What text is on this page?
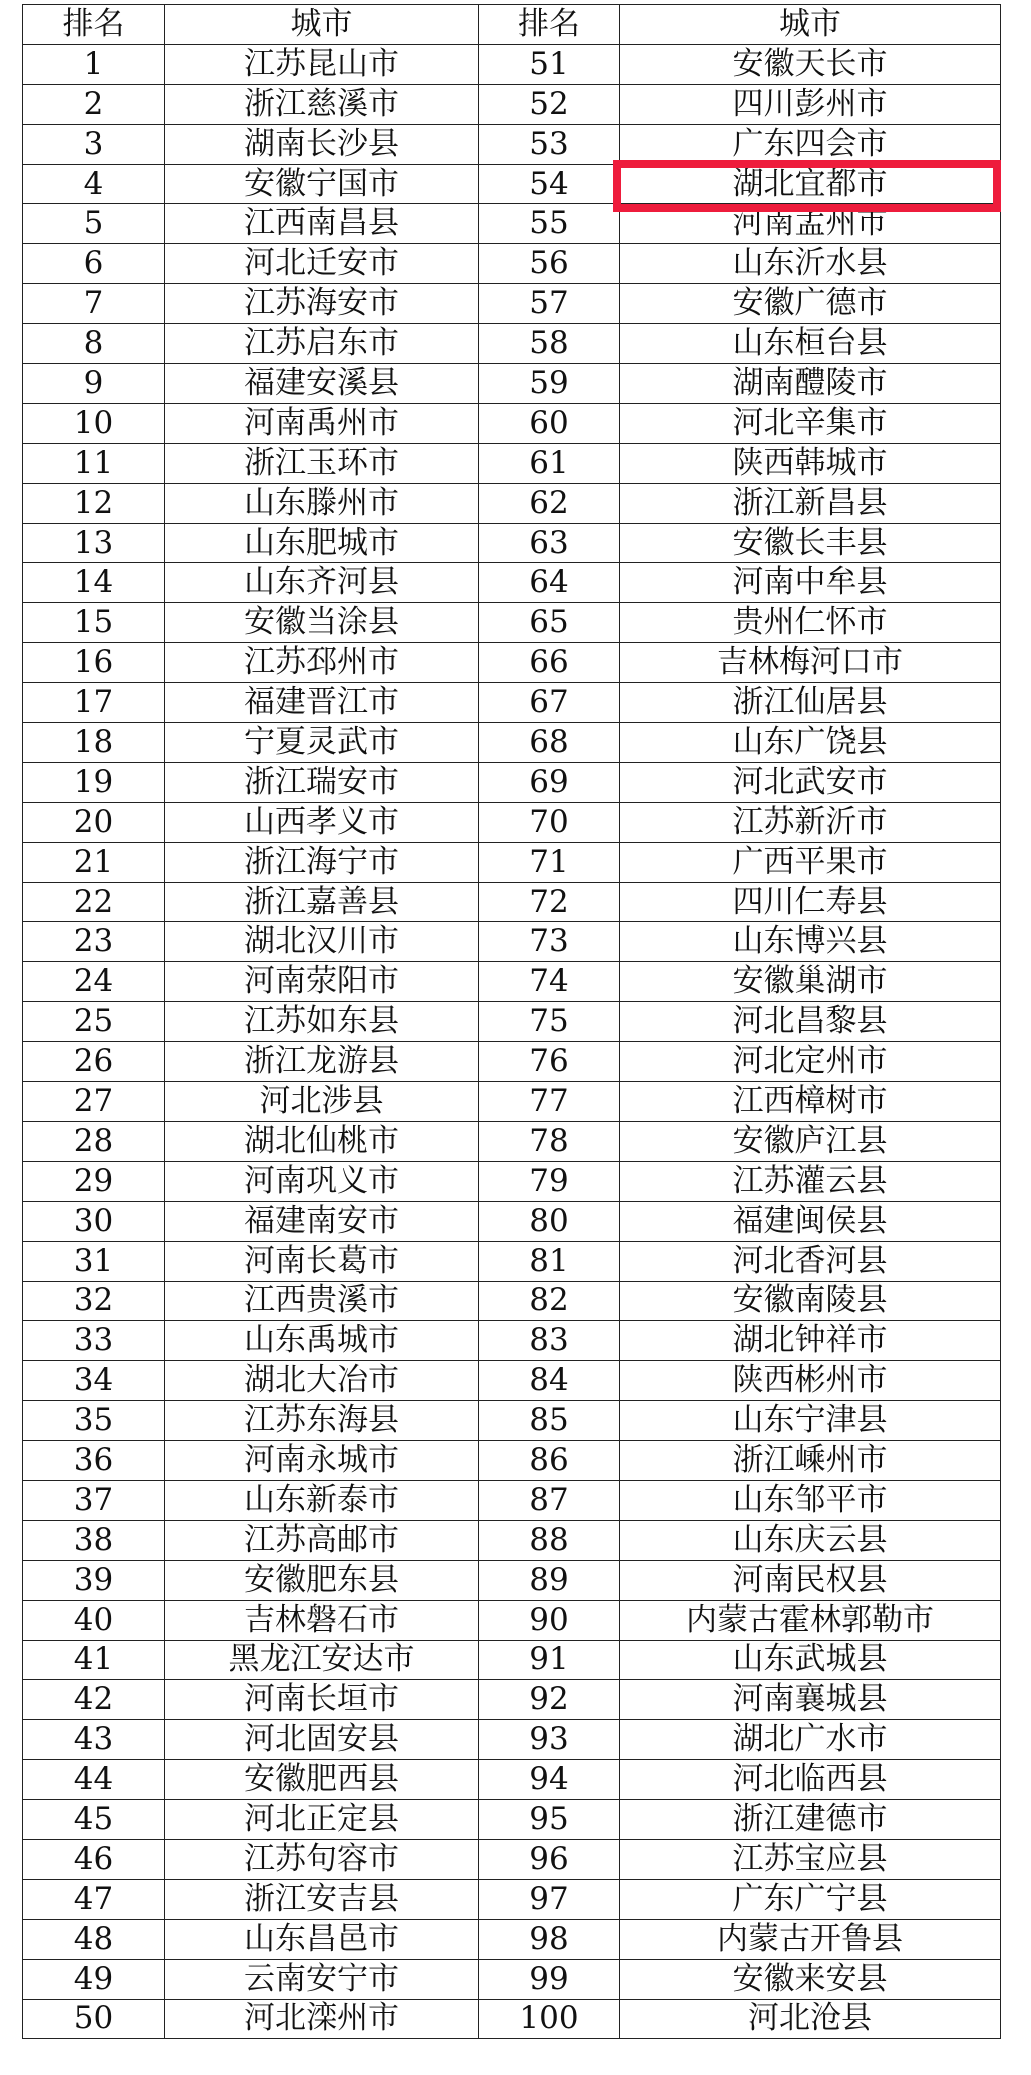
排名	城市	排名	城市
1	江苏昆山市	51	安徽天长市
2	浙江慈溪市	52	四川彭州市
3	湖南长沙县	53	广东四会市
4	安徽宁国市	54	湖北宜都市
5	江西南昌县	55	河南孟州市
6	河北迁安市	56	山东沂水县
7	江苏海安市	57	安徽广德市
8	江苏启东市	58	山东桓台县
9	福建安溪县	59	湖南醴陵市
10	河南禹州市	60	河北辛集市
11	浙江玉环市	61	陕西韩城市
12	山东滕州市	62	浙江新昌县
13	山东肥城市	63	安徽长丰县
14	山东齐河县	64	河南中牟县
15	安徽当涂县	65	贵州仁怀市
16	江苏邳州市	66	吉林梅河口市
17	福建晋江市	67	浙江仙居县
18	宁夏灵武市	68	山东广饶县
19	浙江瑞安市	69	河北武安市
20	山西孝义市	70	江苏新沂市
21	浙江海宁市	71	广西平果市
22	浙江嘉善县	72	四川仁寿县
23	湖北汉川市	73	山东博兴县
24	河南荥阳市	74	安徽巢湖市
25	江苏如东县	75	河北昌黎县
26	浙江龙游县	76	河北定州市
27	河北涉县	77	江西樟树市
28	湖北仙桃市	78	安徽庐江县
29	河南巩义市	79	江苏灌云县
30	福建南安市	80	福建闽侯县
31	河南长葛市	81	河北香河县
32	江西贵溪市	82	安徽南陵县
33	山东禹城市	83	湖北钟祥市
34	湖北大冶市	84	陕西彬州市
35	江苏东海县	85	山东宁津县
36	河南永城市	86	浙江嵊州市
37	山东新泰市	87	山东邹平市
38	江苏高邮市	88	山东庆云县
39	安徽肥东县	89	河南民权县
40	吉林磐石市	90	内蒙古霍林郭勒市
41	黑龙江安达市	91	山东武城县
42	河南长垣市	92	河南襄城县
43	河北固安县	93	湖北广水市
44	安徽肥西县	94	河北临西县
45	河北正定县	95	浙江建德市
46	江苏句容市	96	江苏宝应县
47	浙江安吉县	97	广东广宁县
48	山东昌邑市	98	内蒙古开鲁县
49	云南安宁市	99	安徽来安县
50	河北滦州市	100	河北沧县
